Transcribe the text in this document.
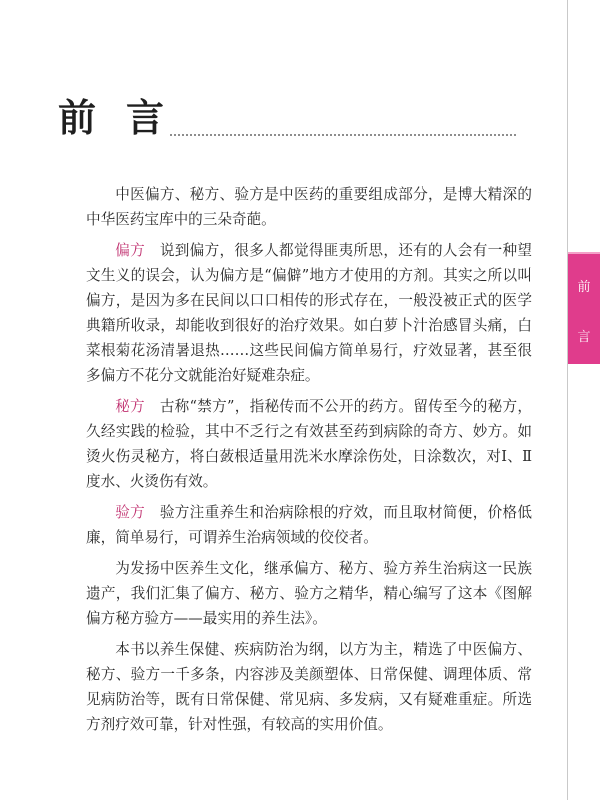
前言
前
言

中医偏方、秘方、验方是中医药的重要组成部分，是博大精深的中华医药宝库中的三朵奇葩。

偏方　 说到偏方，很多人都觉得匪夷所思，还有的人会有一种望文生义的误会，认为偏方是“偏僻”地方才使用的方剂。其实之所以叫偏方，是因为多在民间以口口相传的形式存在，一般没被正式的医学典籍所收录，却能收到很好的治疗效果。如白萝卜汁治感冒头痛，白菜根菊花汤清暑退热……这些民间偏方简单易行，疗效显著，甚至很多偏方不花分文就能治好疑难杂症。

秘方　 古称“禁方”，指秘传而不公开的药方。留传至今的秘方，久经实践的检验，其中不乏行之有效甚至药到病除的奇方、妙方。如烫火伤灵秘方，将白蔹根适量用洗米水摩涂伤处，日涂数次，对Ⅰ、Ⅱ度水、火烫伤有效。

验方　 验方注重养生和治病除根的疗效，而且取材简便，价格低廉，简单易行，可谓养生治病领域的佼佼者。

为发扬中医养生文化，继承偏方、秘方、验方养生治病这一民族遗产，我们汇集了偏方、秘方、验方之精华，精心编写了这本《图解偏方秘方验方——最实用的养生法》。

本书以养生保健、疾病防治为纲，以方为主，精选了中医偏方、秘方、验方一千多条，内容涉及美颜塑体、日常保健、调理体质、常见病防治等，既有日常保健、常见病、多发病，又有疑难重症。所选方剂疗效可靠，针对性强，有较高的实用价值。
